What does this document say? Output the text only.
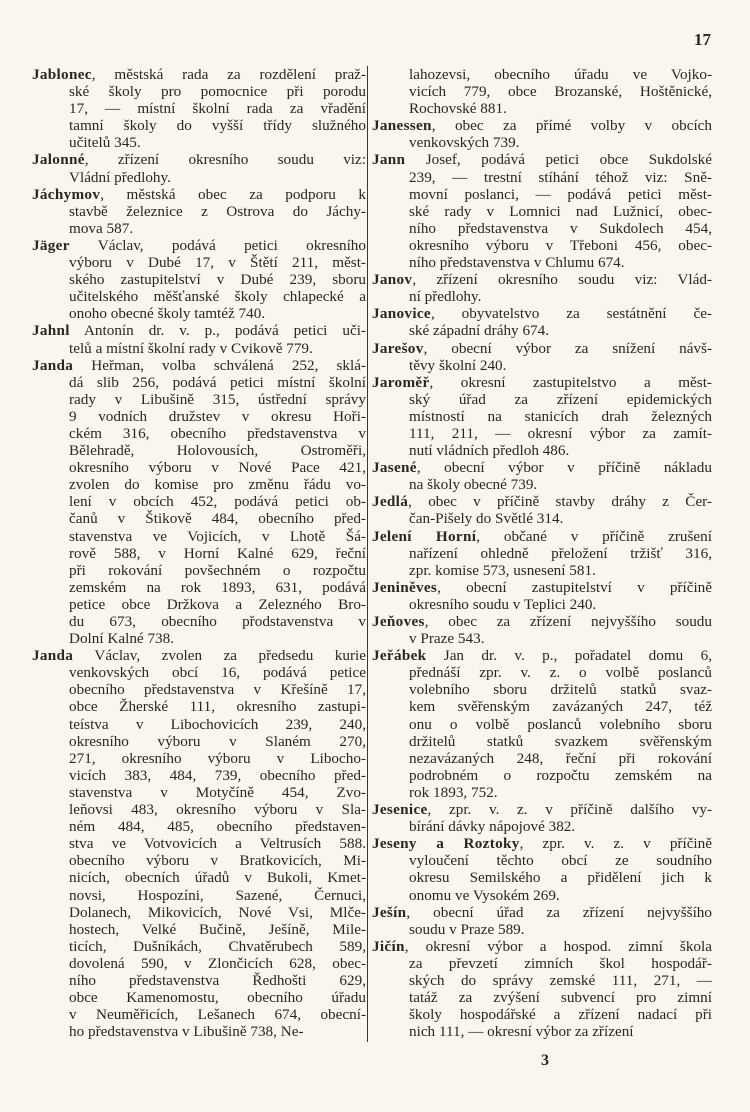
17
Jablonec, městská rada za rozdělení praž-
ské školy pro pomocnice při porodu
17, — místní školní rada za vřadění
tamní školy do vyšší třídy služného
učitelů 345.
Jalonné, zřízení okresního soudu viz:
Vládní předlohy.
Jáchymov, městská obec za podporu k
stavbě železnice z Ostrova do Jáchy-
mova 587.
Jäger Václav, podává petici okresního
výboru v Dubé 17, v Štětí 211, měst-
ského zastupitelství v Dubé 239, sboru
učitelského měšťanské školy chlapecké a
onoho obecné školy tamtéž 740.
Jahnl Antonín dr. v. p., podává petici uči-
telů a místní školní rady v Cvikově 779.
Janda Heřman, volba schválená 252, sklá-
dá slib 256, podává petici místní školní
rady v Libušině 315, ústřední správy
9 vodních družstev v okresu Hoři-
ckém 316, obecního představenstva v
Bělehradě, Holovousích, Ostroměři,
okresního výboru v Nové Pace 421,
zvolen do komise pro změnu řádu vo-
lení v obcích 452, podává petici ob-
čanů v Štikově 484, obecního před-
stavenstva ve Vojicích, v Lhotě Šá-
rově 588, v Horní Kalné 629, řeční
při rokování povšechném o rozpočtu
zemském na rok 1893, 631, podává
petice obce Držkova a Zelezného Bro-
du 673, obecního přodstavenstva v
Dolní Kalné 738.
Janda Václav, zvolen za předsedu kurie
venkovských obcí 16, podává petice
obecního představenstva v Křešíně 17,
obce Žherské 111, okresního zastupi-
teístva v Libochovicích 239, 240,
okresního výboru v Slaném 270,
271, okresního výboru v Libocho-
vicích 383, 484, 739, obecního před-
stavenstva v Motyčíně 454, Zvo-
leňovsi 483, okresního výboru v Sla-
ném 484, 485, obecního představen-
stva ve Votvovicích a Veltrusích 588.
obecního výboru v Bratkovicích, Mi-
nicích, obecních úřadů v Bukoli, Kmet-
novsi, Hospozíni, Sazené, Černuci,
Dolanech, Mikovicích, Nové Vsi, Mlče-
hostech, Velké Bučině, Ješíně, Mile-
ticích, Dušníkách, Chvatěrubech 589,
dovolená 590, v Zlončicích 628, obec-
ního představenstva Ředhošti 629,
obce Kamenomostu, obecního úřadu
v Neuměřicích, Lešanech 674, obecní-
ho představenstva v Libušině 738, Ne-
lahozevsi, obecního úřadu ve Vojko-
vicích 779, obce Brozanské, Hoštěnické,
Rochovské 881.
Janessen, obec za přímé volby v obcích
venkovských 739.
Jann Josef, podává petici obce Sukdolské
239, — trestní stíhání téhož viz: Sně-
movní poslanci, — podává petici měst-
ské rady v Lomnici nad Lužnicí, obec-
ního představenstva v Sukdolech 454,
okresního výboru v Třeboni 456, obec-
ního představenstva v Chlumu 674.
Janov, zřízení okresního soudu viz: Vlád-
ní předlohy.
Janovice, obyvatelstvo za sestátnění če-
ské západní dráhy 674.
Jarešov, obecní výbor za snížení návš-
těvy školní 240.
Jaroměř, okresní zastupitelstvo a měst-
ský úřad za zřízení epidemických
místností na stanicích drah železných
111, 211, — okresní výbor za zamít-
nutí vládních předloh 486.
Jasené, obecní výbor v příčině nákladu
na školy obecné 739.
Jedlá, obec v příčině stavby dráhy z Čer-
čan-Pišely do Světlé 314.
Jelení Horní, občané v příčině zrušení
nařízení ohledně přeložení tržišť 316,
zpr. komise 573, usnesení 581.
Jeniněves, obecní zastupitelství v příčině
okresního soudu v Teplici 240.
Jeňoves, obec za zřízení nejvyššího soudu
v Praze 543.
Jeřábek Jan dr. v. p., pořadatel domu 6,
přednáší zpr. v. z. o volbě poslanců
volebního sboru držitelů statků svaz-
kem svěřenským zavázaných 247, též
onu o volbě poslanců volebního sboru
držitelů statků svazkem svěřenským
nezavázaných 248, řeční při rokování
podrobném o rozpočtu zemském na
rok 1893, 752.
Jesenice, zpr. v. z. v příčině dalšího vy-
bírání dávky nápojové 382.
Jeseny a Roztoky, zpr. v. z. v příčině
vyloučení těchto obcí ze soudního
okresu Semilského a přidělení jich k
onomu ve Vysokém 269.
Ješín, obecní úřad za zřízení nejvyššího
soudu v Praze 589.
Jičín, okresní výbor a hospod. zimní škola
za převzetí zimních škol hospodář-
ských do správy zemské 111, 271, —
tatáž za zvýšení subvencí pro zimní
školy hospodářské a zřízení nadací při
nich 111, — okresní výbor za zřízení
3
